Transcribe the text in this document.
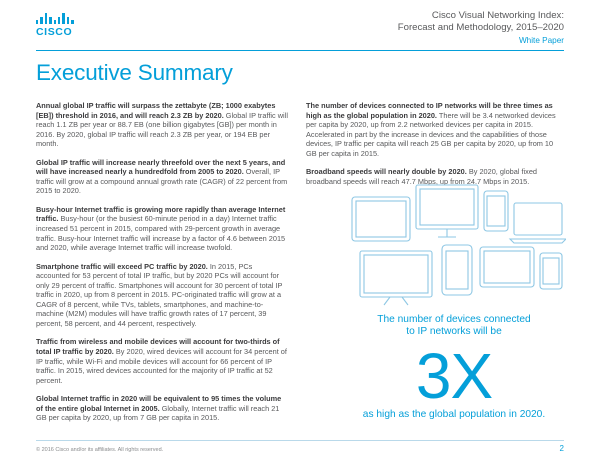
CISCO
Cisco Visual Networking Index:
Forecast and Methodology, 2015–2020
White Paper
Executive Summary

Annual global IP traffic will surpass the zettabyte (ZB; 1000 exabytes [EB]) threshold in 2016, and will reach 2.3 ZB by 2020. Global IP traffic will reach 1.1 ZB per year or 88.7 EB (one billion gigabytes [GB]) per month in 2016. By 2020, global IP traffic will reach 2.3 ZB per year, or 194 EB per month.

Global IP traffic will increase nearly threefold over the next 5 years, and will have increased nearly a hundredfold from 2005 to 2020. Overall, IP traffic will grow at a compound annual growth rate (CAGR) of 22 percent from 2015 to 2020.

Busy-hour Internet traffic is growing more rapidly than average Internet traffic. Busy-hour (or the busiest 60-minute period in a day) Internet traffic increased 51 percent in 2015, compared with 29-percent growth in average traffic. Busy-hour Internet traffic will increase by a factor of 4.6 between 2015 and 2020, while average Internet traffic will increase twofold.

Smartphone traffic will exceed PC traffic by 2020. In 2015, PCs accounted for 53 percent of total IP traffic, but by 2020 PCs will account for only 29 percent of traffic. Smartphones will account for 30 percent of total IP traffic in 2020, up from 8 percent in 2015. PC-originated traffic will grow at a CAGR of 8 percent, while TVs, tablets, smartphones, and machine-to-machine (M2M) modules will have traffic growth rates of 17 percent, 39 percent, 58 percent, and 44 percent, respectively.

Traffic from wireless and mobile devices will account for two-thirds of total IP traffic by 2020. By 2020, wired devices will account for 34 percent of IP traffic, while Wi-Fi and mobile devices will account for 66 percent of IP traffic. In 2015, wired devices accounted for the majority of IP traffic at 52 percent.

Global Internet traffic in 2020 will be equivalent to 95 times the volume of the entire global Internet in 2005. Globally, Internet traffic will reach 21 GB per capita by 2020, up from 7 GB per capita in 2015.

The number of devices connected to IP networks will be three times as high as the global population in 2020. There will be 3.4 networked devices per capita by 2020, up from 2.2 networked devices per capita in 2015. Accelerated in part by the increase in devices and the capabilities of those devices, IP traffic per capita will reach 25 GB per capita by 2020, up from 10 GB per capita in 2015.

Broadband speeds will nearly double by 2020. By 2020, global fixed broadband speeds will reach 47.7 Mbps, up from 24.7 Mbps in 2015.

The number of devices connected
to IP networks will be
3X
as high as the global population in 2020.
© 2016 Cisco and/or its affiliates. All rights reserved.	2
